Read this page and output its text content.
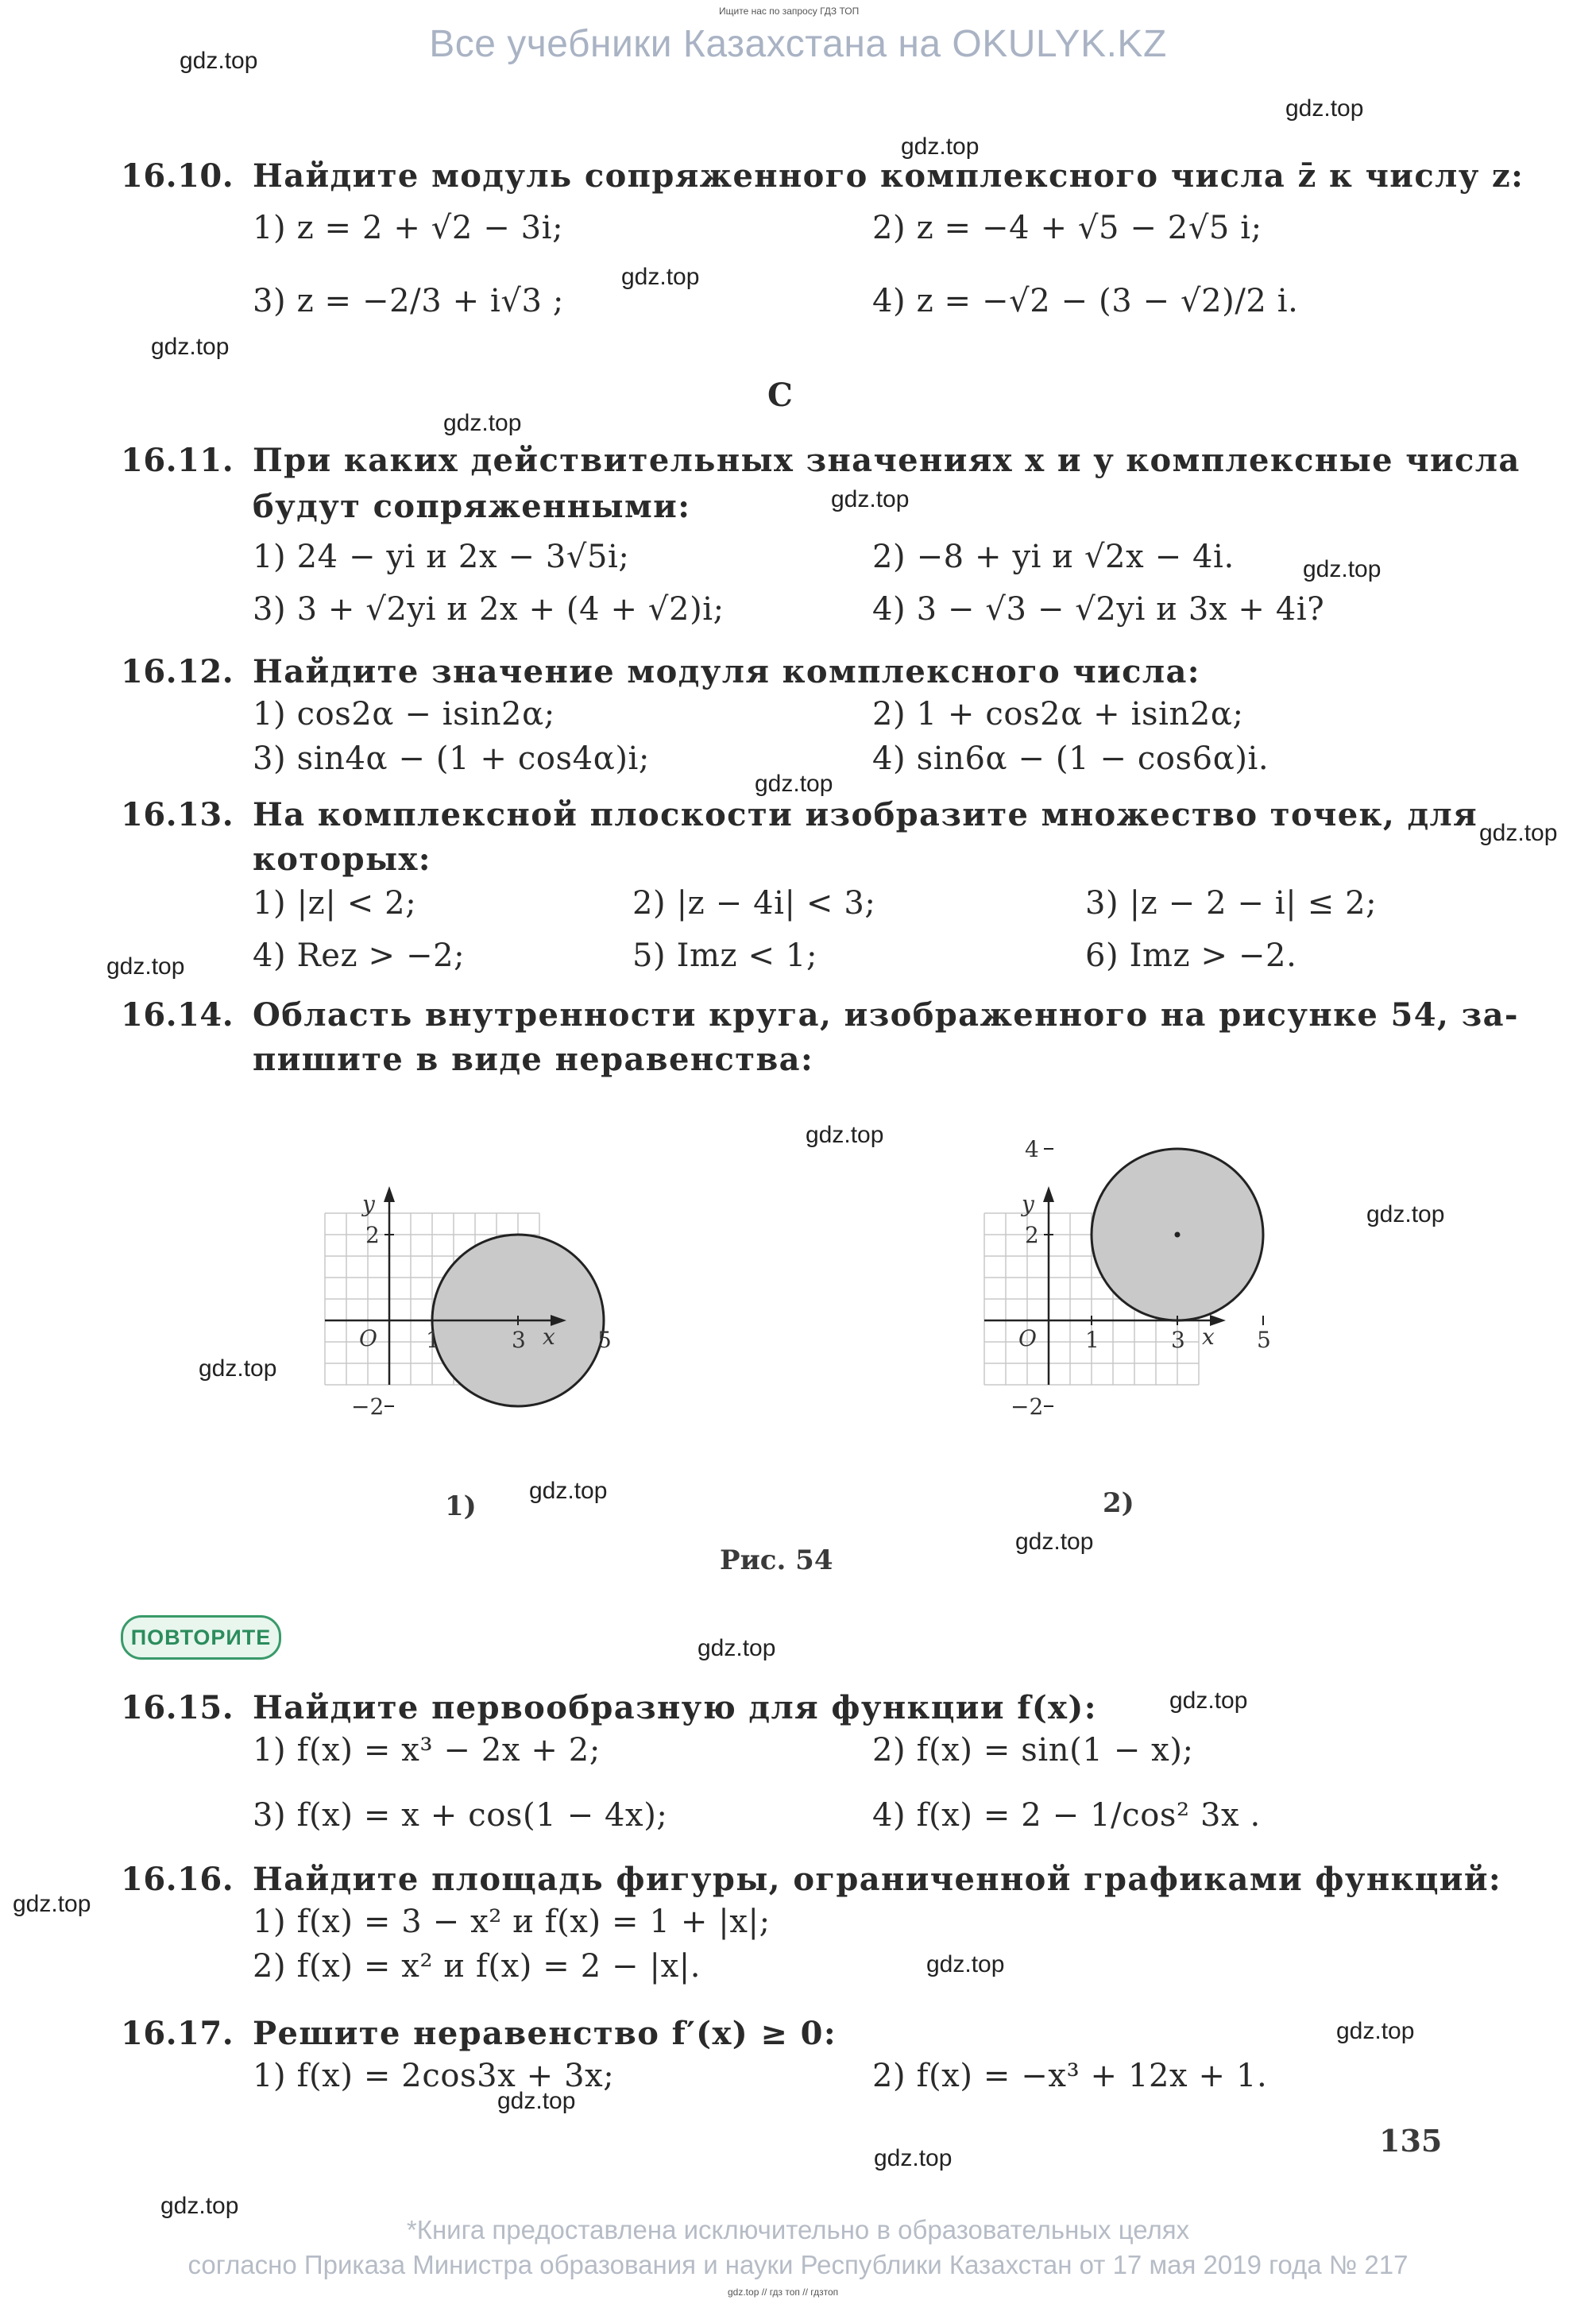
Ищите нас по запросу ГДЗ ТОП
Все учебники Казахстана на OKULYK.KZ
16.10. Найдите модуль сопряженного комплексного числа z̄ к числу z:
1) z = 2 + √2 − 3i;	2) z = −4 + √5 − 2√5 i;
3) z = −2/3 + i√3 ;	4) z = −√2 − (3 − √2)/2 i.
C
16.11. При каких действительных значениях x и y комплексные числа
будут сопряженными:
1) 24 − yi и 2x − 3√5i;	2) −8 + yi и √2x − 4i.
3) 3 + √2yi и 2x + (4 + √2)i;	4) 3 − √3 − √2yi и 3x + 4i?
16.12. Найдите значение модуля комплексного числа:
1) cos2α − isin2α;	2) 1 + cos2α + isin2α;
3) sin4α − (1 + cos4α)i;	4) sin6α − (1 − cos6α)i.
16.13. На комплексной плоскости изобразите множество точек, для
которых:
1) |z| < 2;	2) |z − 4i| < 3;	3) |z − 2 − i| ≤ 2;
4) Rez > −2;	5) Imz < 1;	6) Imz > −2.
16.14. Область внутренности круга, изображенного на рисунке 54, за-
пишите в виде неравенства:
x
y
O 1	3	5
2
−2
x
y
O 1	3	5
4
2
−2
1)	2)
Рис. 54
ПОВТОРИТЕ
16.15. Найдите первообразную для функции f(x):
1) f(x) = x³ − 2x + 2;	2) f(x) = sin(1 − x);
3) f(x) = x + cos(1 − 4x);	4) f(x) = 2 − 1/cos² 3x .
16.16. Найдите площадь фигуры, ограниченной графиками функций:
1) f(x) = 3 − x² и f(x) = 1 + |x|;
2) f(x) = x² и f(x) = 2 − |x|.
16.17. Решите неравенство f′(x) ≥ 0:
1) f(x) = 2cos3x + 3x;	2) f(x) = −x³ + 12x + 1.
135
*Книга предоставлена исключительно в образовательных целях
согласно Приказа Министра образования и науки Республики Казахстан от 17 мая 2019 года № 217
gdz.top // гдз топ // гдзтоп
gdz.top
gdz.top
gdz.top
gdz.top
gdz.top
gdz.top
gdz.top
gdz.top
gdz.top
gdz.top
gdz.top
gdz.top
gdz.top
gdz.top
gdz.top
gdz.top
gdz.top
gdz.top
gdz.top
gdz.top
gdz.top
gdz.top
gdz.top
gdz.top
